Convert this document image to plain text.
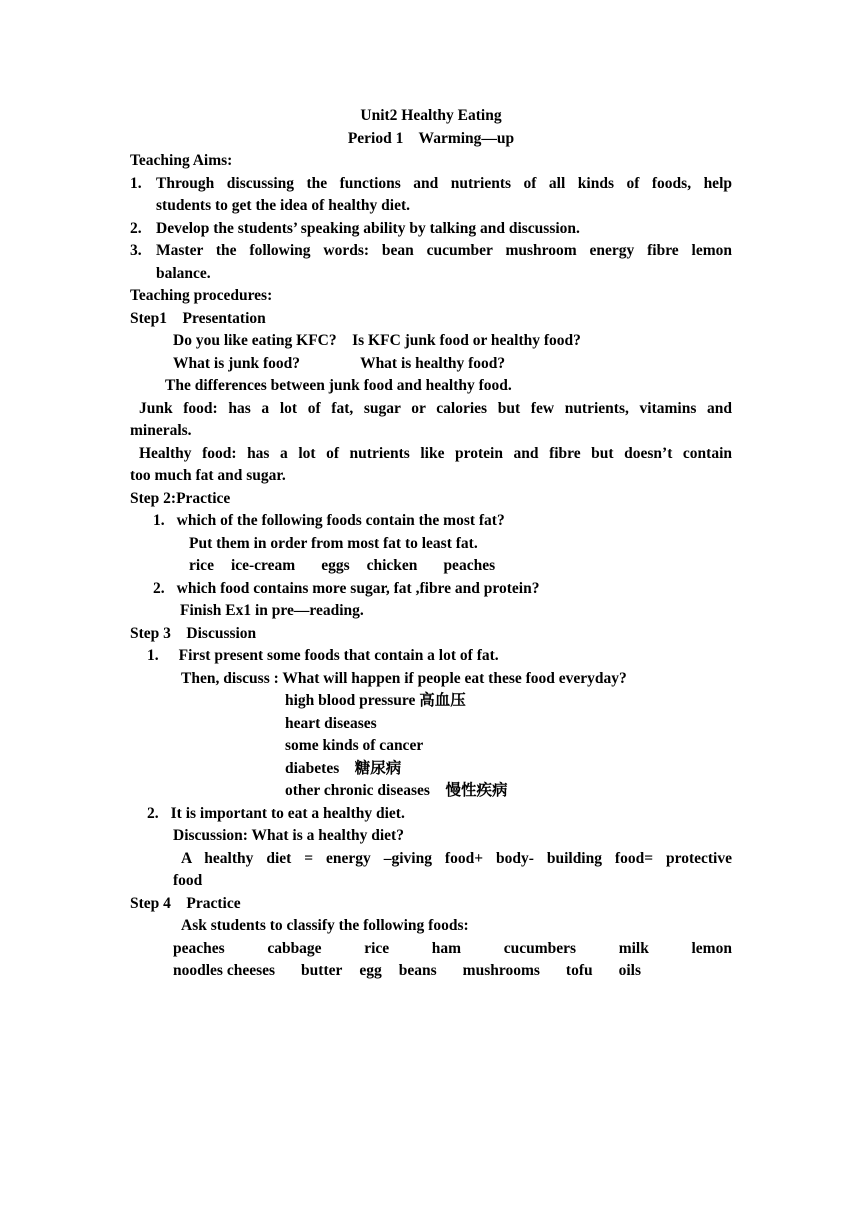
Unit2 Healthy Eating
Period 1    Warming—up
Teaching Aims:
1. Through discussing the functions and nutrients of all kinds of foods, help
students to get the idea of healthy diet.
2. Develop the students’ speaking ability by talking and discussion.
3. Master the following words: bean cucumber mushroom energy fibre lemon
balance.
Teaching procedures:
Step1    Presentation
Do you like eating KFC?    Is KFC junk food or healthy food?
What is junk food?	What is healthy food?
The differences between junk food and healthy food.
Junk food: has a lot of fat, sugar or calories but few nutrients, vitamins and
minerals.
Healthy food: has a lot of nutrients like protein and fibre but doesn’t contain
too much fat and sugar.
Step 2:Practice
1. which of the following foods contain the most fat?
Put them in order from most fat to least fat.
rice ice-cream eggs chicken peaches
2. which food contains more sugar, fat ,fibre and protein?
Finish Ex1 in pre—reading.
Step 3    Discussion
1. First present some foods that contain a lot of fat.
Then, discuss : What will happen if people eat these food everyday?
high blood pressure 高血压
heart diseases
some kinds of cancer
diabetes    糖尿病
other chronic diseases    慢性疾病
2. It is important to eat a healthy diet.
Discussion: What is a healthy diet?
A healthy diet = energy –giving food+ body- building food= protective
food
Step 4    Practice
Ask students to classify the following foods:
peaches	cabbage	rice	ham	cucumbers	milk	lemon
noodles cheeses butter egg beans mushrooms tofu oils
